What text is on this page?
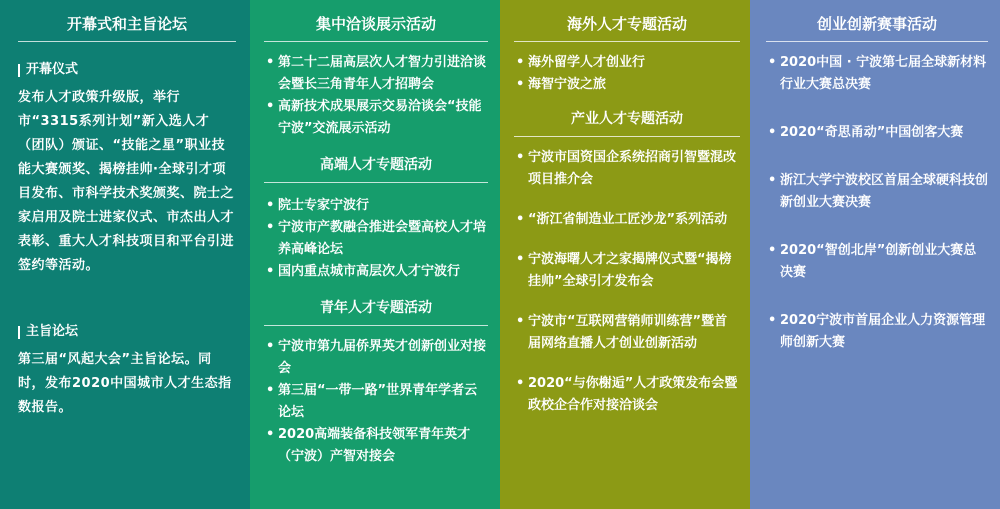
开幕式和主旨论坛
开幕仪式
发布人才政策升级版，举行市“3315系列计划”新入选人才（团队）颁证、“技能之星”职业技能大赛颁奖、揭榜挂帅·全球引才项目发布、市科学技术奖颁奖、院士之家启用及院士进家仪式、市杰出人才表彰、重大人才科技项目和平台引进签约等活动。
主旨论坛
第三届“风起大会”主旨论坛。同时，发布2020中国城市人才生态指数报告。
集中洽谈展示活动
• 第二十二届高层次人才智力引进洽谈会暨长三角青年人才招聘会
• 高新技术成果展示交易洽谈会“技能宁波”交流展示活动
高端人才专题活动
• 院士专家宁波行
• 宁波市产教融合推进会暨高校人才培养高峰论坛
• 国内重点城市高层次人才宁波行
青年人才专题活动
• 宁波市第九届侨界英才创新创业对接会
• 第三届“一带一路”世界青年学者云论坛
• 2020高端装备科技领军青年英才（宁波）产智对接会
海外人才专题活动
• 海外留学人才创业行
• 海智宁波之旅
产业人才专题活动
• 宁波市国资国企系统招商引智暨混改项目推介会
• “浙江省制造业工匠沙龙”系列活动
• 宁波海曙人才之家揭牌仪式暨“揭榜挂帅”全球引才发布会
• 宁波市“互联网营销师训练营”暨首届网络直播人才创业创新活动
• 2020“与你榭逅”人才政策发布会暨政校企合作对接洽谈会
创业创新赛事活动
• 2020中国 · 宁波第七届全球新材料行业大赛总决赛
• 2020“奇思甬动”中国创客大赛
• 浙江大学宁波校区首届全球硬科技创新创业大赛决赛
• 2020“智创北岸”创新创业大赛总决赛
• 2020宁波市首届企业人力资源管理师创新大赛
